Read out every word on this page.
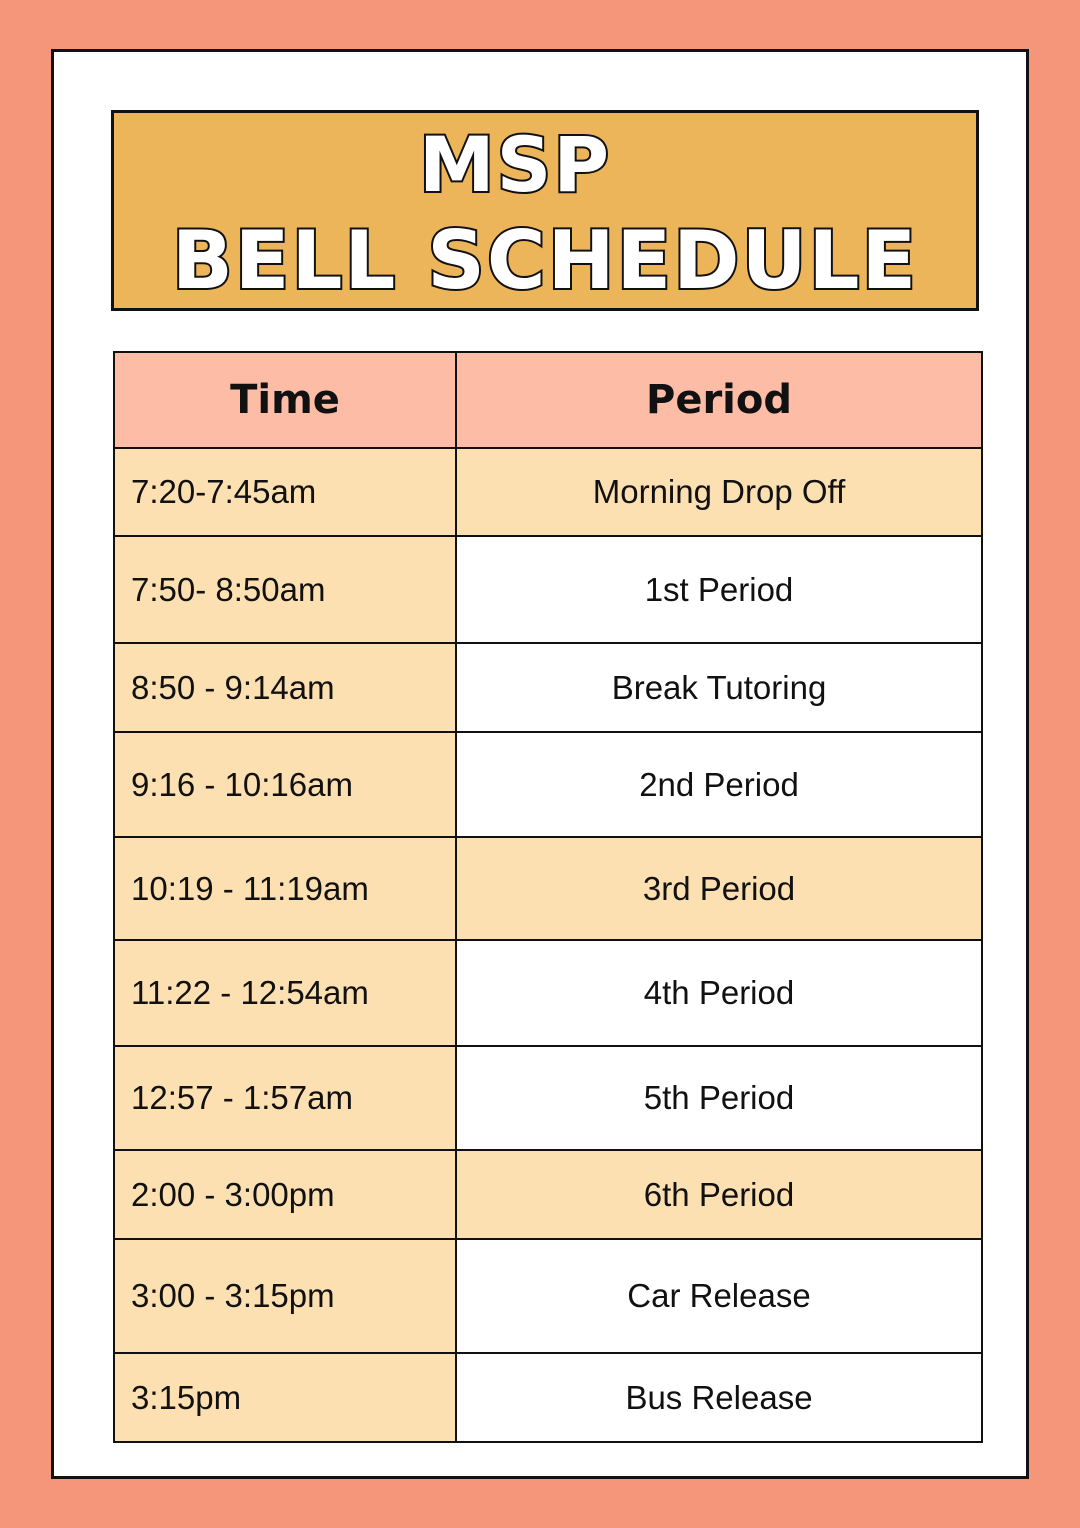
MSP
BELL SCHEDULE
Time	Period
7:20-7:45am	Morning Drop Off
7:50- 8:50am	1st Period
8:50 - 9:14am	Break Tutoring
9:16 - 10:16am	2nd Period
10:19 - 11:19am	3rd Period
11:22 - 12:54am	4th Period
12:57 - 1:57am	5th Period
2:00 - 3:00pm	6th Period
3:00 - 3:15pm	Car Release
3:15pm	Bus Release
